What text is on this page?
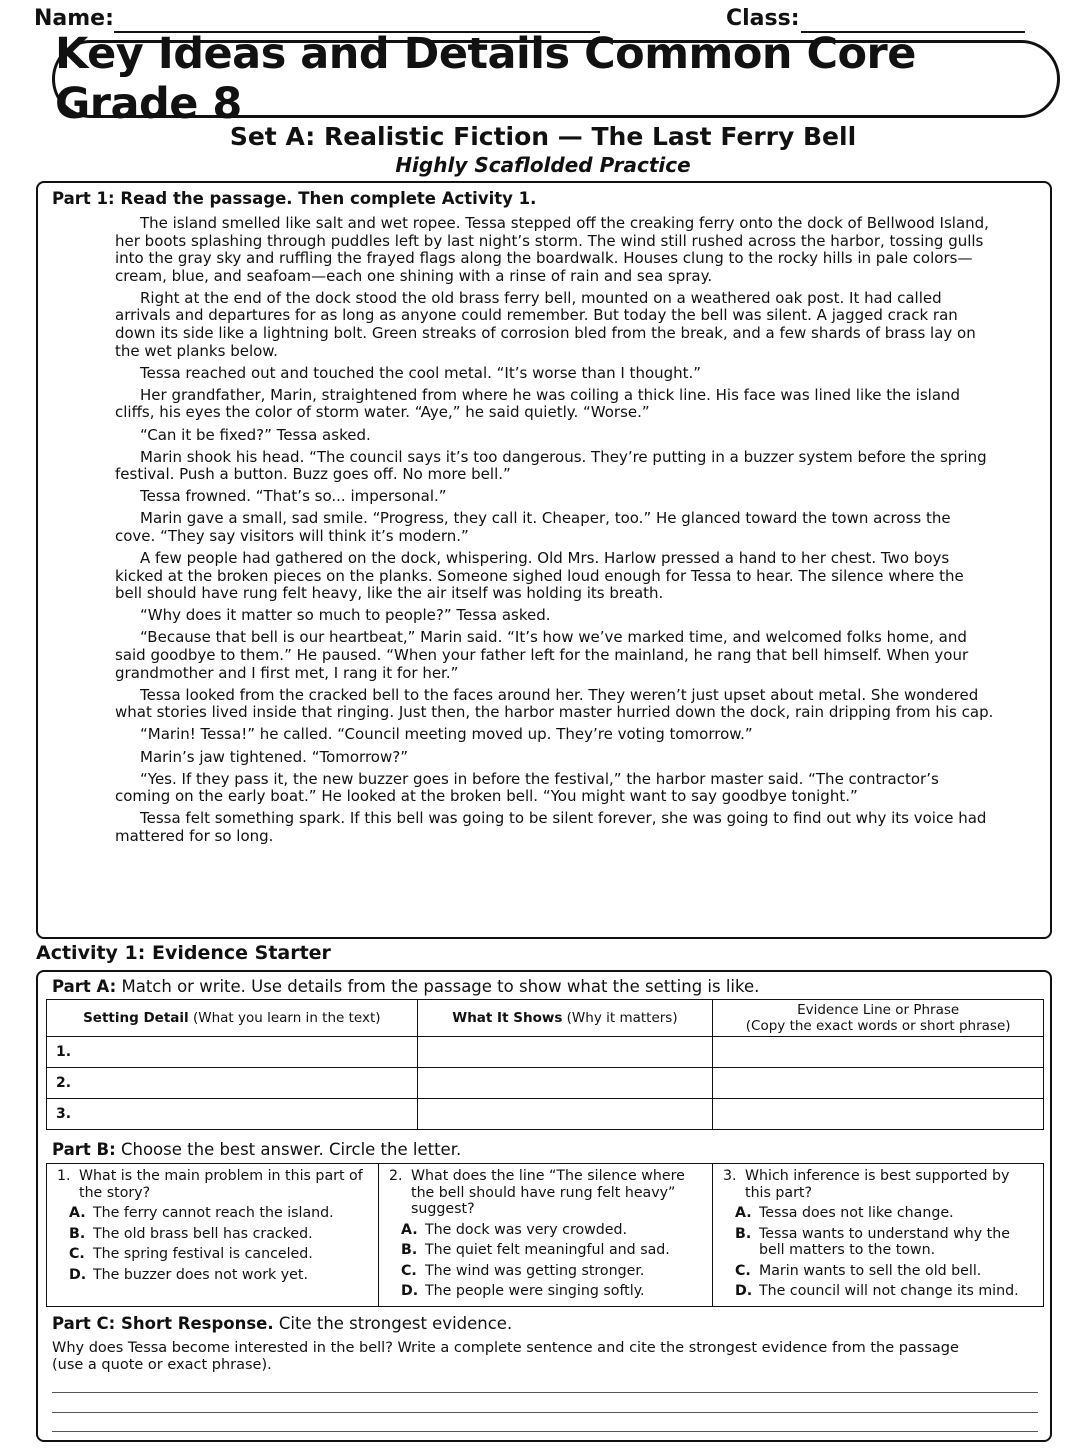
Name:	Class:
Key Ideas and Details Common Core Grade 8
Set A: Realistic Fiction — The Last Ferry Bell
Highly Scaflolded Practice
Part 1: Read the passage. Then complete Activity 1.

The island smelled like salt and wet ropee. Tessa stepped off the creaking ferry onto the dock of Bellwood Island, her boots splashing through puddles left by last night’s storm. The wind still rushed across the harbor, tossing gulls into the gray sky and ruffling the frayed flags along the boardwalk. Houses clung to the rocky hills in pale colors—cream, blue, and seafoam—each one shining with a rinse of rain and sea spray.

Right at the end of the dock stood the old brass ferry bell, mounted on a weathered oak post. It had called arrivals and departures for as long as anyone could remember. But today the bell was silent. A jagged crack ran down its side like a lightning bolt. Green streaks of corrosion bled from the break, and a few shards of brass lay on the wet planks below.

Tessa reached out and touched the cool metal. “It’s worse than I thought.”

Her grandfather, Marin, straightened from where he was coiling a thick line. His face was lined like the island cliffs, his eyes the color of storm water. “Aye,” he said quietly. “Worse.”

“Can it be fixed?” Tessa asked.

Marin shook his head. “The council says it’s too dangerous. They’re putting in a buzzer system before the spring festival. Push a button. Buzz goes off. No more bell.”

Tessa frowned. “That’s so... impersonal.”

Marin gave a small, sad smile. “Progress, they call it. Cheaper, too.” He glanced toward the town across the cove. “They say visitors will think it’s modern.”

A few people had gathered on the dock, whispering. Old Mrs. Harlow pressed a hand to her chest. Two boys kicked at the broken pieces on the planks. Someone sighed loud enough for Tessa to hear. The silence where the bell should have rung felt heavy, like the air itself was holding its breath.

“Why does it matter so much to people?” Tessa asked.

“Because that bell is our heartbeat,” Marin said. “It’s how we’ve marked time, and welcomed folks home, and said goodbye to them.” He paused. “When your father left for the mainland, he rang that bell himself. When your grandmother and I first met, I rang it for her.”

Tessa looked from the cracked bell to the faces around her. They weren’t just upset about metal. She wondered what stories lived inside that ringing. Just then, the harbor master hurried down the dock, rain dripping from his cap.

“Marin! Tessa!” he called. “Council meeting moved up. They’re voting tomorrow.”

Marin’s jaw tightened. “Tomorrow?”

“Yes. If they pass it, the new buzzer goes in before the festival,” the harbor master said. “The contractor’s coming on the early boat.” He looked at the broken bell. “You might want to say goodbye tonight.”

Tessa felt something spark. If this bell was going to be silent forever, she was going to find out why its voice had mattered for so long.

Activity 1: Evidence Starter
Part A: Match or write. Use details from the passage to show what the setting is like.
Setting Detail (What you learn in the text)	What It Shows (Why it matters)	Evidence Line or Phrase
(Copy the exact words or short phrase)
1.		
2.		
3.		
Part B: Choose the best answer. Circle the letter.
1. What is the main problem in this part of the story?
A. The ferry cannot reach the island.
B. The old brass bell has cracked.
C. The spring festival is canceled.
D. The buzzer does not work yet.
2. What does the line “The silence where the bell should have rung felt heavy” suggest?
A. The dock was very crowded.
B. The quiet felt meaningful and sad.
C. The wind was getting stronger.
D. The people were singing softly.
3. Which inference is best supported by this part?
A. Tessa does not like change.
B. Tessa wants to understand why the bell matters to the town.
C. Marin wants to sell the old bell.
D. The council will not change its mind.
Part C: Short Response. Cite the strongest evidence.
Why does Tessa become interested in the bell? Write a complete sentence and cite the strongest evidence from the passage (use a quote or exact phrase).
